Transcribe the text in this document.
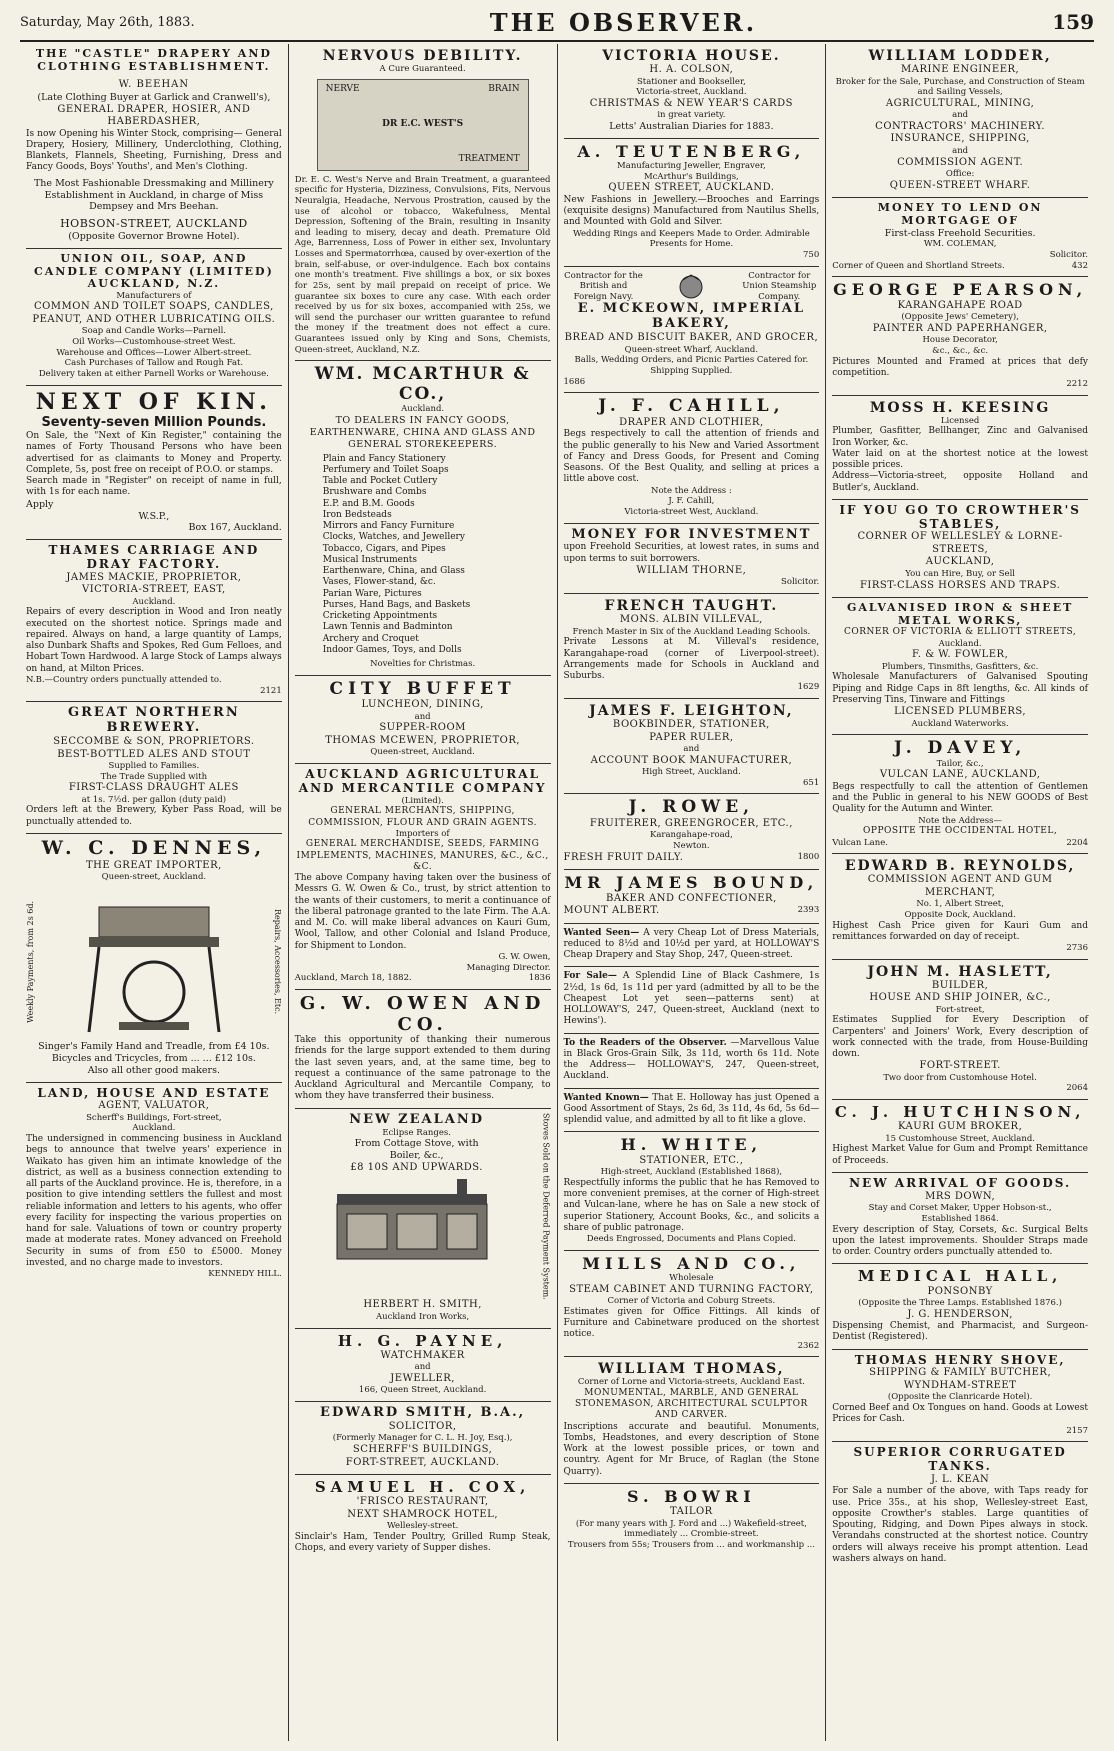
Saturday, May 26th, 1883.	THE OBSERVER.	159
THE "CASTLE" DRAPERY AND CLOTHING ESTABLISHMENT.
W. BEEHAN
(Late Clothing Buyer at Garlick and Cranwell's),
GENERAL DRAPER, HOSIER, AND HABERDASHER,
Is now Opening his Winter Stock, comprising— General Drapery, Hosiery, Millinery, Underclothing, Clothing, Blankets, Flannels, Sheeting, Furnishing, Dress and Fancy Goods, Boys' Youths', and Men's Clothing.
The Most Fashionable Dressmaking and Millinery Establishment in Auckland, in charge of Miss Dempsey and Mrs Beehan.
HOBSON-STREET, AUCKLAND
(Opposite Governor Browne Hotel).
UNION OIL, SOAP, AND CANDLE COMPANY (LIMITED) AUCKLAND, N.Z.
Manufacturers of
COMMON AND TOILET SOAPS, CANDLES, PEANUT, AND OTHER LUBRICATING OILS.
Soap and Candle Works—Parnell.
Oil Works—Customhouse-street West.
Warehouse and Offices—Lower Albert-street.
Cash Purchases of Tallow and Rough Fat.
Delivery taken at either Parnell Works or Warehouse.
NEXT OF KIN.
Seventy-seven Million Pounds.
On Sale, the "Next of Kin Register," containing the names of Forty Thousand Persons who have been advertised for as claimants to Money and Property. Complete, 5s, post free on receipt of P.O.O. or stamps.
Search made in "Register" on receipt of name in full, with 1s for each name.
Apply
W.S.P.,
Box 167, Auckland.
THAMES CARRIAGE AND DRAY FACTORY.
JAMES MACKIE, PROPRIETOR,
VICTORIA-STREET, EAST,
Auckland.
Repairs of every description in Wood and Iron neatly executed on the shortest notice. Springs made and repaired. Always on hand, a large quantity of Lamps, also Dunbark Shafts and Spokes, Red Gum Felloes, and Hobart Town Hardwood. A large Stock of Lamps always on hand, at Milton Prices.
N.B.—Country orders punctually attended to.
2121
GREAT NORTHERN BREWERY.
SECCOMBE & SON, PROPRIETORS.
BEST-BOTTLED ALES AND STOUT
Supplied to Families.
The Trade Supplied with
FIRST-CLASS DRAUGHT ALES
at 1s. 7½d. per gallon (duty paid)
Orders left at the Brewery, Kyber Pass Road, will be punctually attended to.
W. C. DENNES,
THE GREAT IMPORTER,
Queen-street, Auckland.
Weekly Payments, from 2s 6d.	Repairs, Accessories, Etc.
Singer's Family Hand and Treadle, from £4 10s.
Bicycles and Tricycles, from ... ... £12 10s.
Also all other good makers.
LAND, HOUSE AND ESTATE
AGENT, VALUATOR,
Scherff's Buildings, Fort-street,
Auckland.
The undersigned in commencing business in Auckland begs to announce that twelve years' experience in Waikato has given him an intimate knowledge of the district, as well as a business connection extending to all parts of the Auckland province. He is, therefore, in a position to give intending settlers the fullest and most reliable information and letters to his agents, who offer every facility for inspecting the various properties on hand for sale. Valuations of town or country property made at moderate rates. Money advanced on Freehold Security in sums of from £50 to £5000. Money invested, and no charge made to investors.
KENNEDY HILL.
NERVOUS DEBILITY.
A Cure Guaranteed.
NERVE	BRAIN
DR E.C. WEST'S
TREATMENT
Dr. E. C. West's Nerve and Brain Treatment, a guaranteed specific for Hysteria, Dizziness, Convulsions, Fits, Nervous Neuralgia, Headache, Nervous Prostration, caused by the use of alcohol or tobacco, Wakefulness, Mental Depression, Softening of the Brain, resulting in Insanity and leading to misery, decay and death. Premature Old Age, Barrenness, Loss of Power in either sex, Involuntary Losses and Spermatorrhœa, caused by over-exertion of the brain, self-abuse, or over-indulgence. Each box contains one month's treatment. Five shillings a box, or six boxes for 25s, sent by mail prepaid on receipt of price. We guarantee six boxes to cure any case. With each order received by us for six boxes, accompanied with 25s, we will send the purchaser our written guarantee to refund the money if the treatment does not effect a cure. Guarantees issued only by King and Sons, Chemists, Queen-street, Auckland, N.Z.
WM. MCARTHUR & CO.,
Auckland.
TO DEALERS IN FANCY GOODS, EARTHENWARE, CHINA AND GLASS AND GENERAL STOREKEEPERS.
Plain and Fancy Stationery
Perfumery and Toilet Soaps
Table and Pocket Cutlery
Brushware and Combs
E.P. and B.M. Goods
Iron Bedsteads
Mirrors and Fancy Furniture
Clocks, Watches, and Jewellery
Tobacco, Cigars, and Pipes
Musical Instruments
Earthenware, China, and Glass
Vases, Flower-stand, &c.
Parian Ware, Pictures
Purses, Hand Bags, and Baskets
Cricketing Appointments
Lawn Tennis and Badminton
Archery and Croquet
Indoor Games, Toys, and Dolls
Novelties for Christmas.
CITY BUFFET
LUNCHEON, DINING,
and
SUPPER-ROOM
THOMAS MCEWEN, PROPRIETOR,
Queen-street, Auckland.
AUCKLAND AGRICULTURAL AND MERCANTILE COMPANY
(Limited).
GENERAL MERCHANTS, SHIPPING, COMMISSION, FLOUR AND GRAIN AGENTS.
Importers of
GENERAL MERCHANDISE, SEEDS, FARMING IMPLEMENTS, MACHINES, MANURES, &C., &C., &C.
The above Company having taken over the business of Messrs G. W. Owen & Co., trust, by strict attention to the wants of their customers, to merit a continuance of the liberal patronage granted to the late Firm. The A.A. and M. Co. will make liberal advances on Kauri Gum, Wool, Tallow, and other Colonial and Island Produce, for Shipment to London.
G. W. Owen,
Managing Director.
Auckland, March 18, 1882.	1836
G. W. OWEN AND CO.
Take this opportunity of thanking their numerous friends for the large support extended to them during the last seven years, and, at the same time, beg to request a continuance of the same patronage to the Auckland Agricultural and Mercantile Company, to whom they have transferred their business.
NEW ZEALAND
Eclipse Ranges.
From Cottage Stove, with
Boiler, &c.,
£8 10S AND UPWARDS.	Stoves Sold on the Deferred Payment System.
HERBERT H. SMITH,
Auckland Iron Works,
H. G. PAYNE,
WATCHMAKER
and
JEWELLER,
166, Queen Street, Auckland.
EDWARD SMITH, B.A.,
SOLICITOR,
(Formerly Manager for C. L. H. Joy, Esq.),
SCHERFF'S BUILDINGS,
FORT-STREET, AUCKLAND.
SAMUEL H. COX,
'FRISCO RESTAURANT,
NEXT SHAMROCK HOTEL,
Wellesley-street.
Sinclair's Ham, Tender Poultry, Grilled Rump Steak, Chops, and every variety of Supper dishes.
VICTORIA HOUSE.
H. A. COLSON,
Stationer and Bookseller,
Victoria-street, Auckland.
CHRISTMAS & NEW YEAR'S CARDS
in great variety.
Letts' Australian Diaries for 1883.
A. TEUTENBERG,
Manufacturing Jeweller, Engraver,
McArthur's Buildings,
QUEEN STREET, AUCKLAND.
New Fashions in Jewellery.—Brooches and Earrings (exquisite designs) Manufactured from Nautilus Shells, and Mounted with Gold and Silver.
Wedding Rings and Keepers Made to Order. Admirable Presents for Home.
750
Contractor for the British and Foreign Navy.
Contractor for Union Steamship Company.
E. MCKEOWN, IMPERIAL BAKERY,
BREAD AND BISCUIT BAKER, AND GROCER,
Queen-street Wharf, Auckland.
Balls, Wedding Orders, and Picnic Parties Catered for. Shipping Supplied.
1686
J. F. CAHILL,
DRAPER AND CLOTHIER,
Begs respectively to call the attention of friends and the public generally to his New and Varied Assortment of Fancy and Dress Goods, for Present and Coming Seasons. Of the Best Quality, and selling at prices a little above cost.
Note the Address :
J. F. Cahill,
Victoria-street West, Auckland.
MONEY FOR INVESTMENT
upon Freehold Securities, at lowest rates, in sums and upon terms to suit borrowers.
WILLIAM THORNE,
Solicitor.
FRENCH TAUGHT.
MONS. ALBIN VILLEVAL,
French Master in Six of the Auckland Leading Schools.
Private Lessons at M. Villeval's residence, Karangahape-road (corner of Liverpool-street). Arrangements made for Schools in Auckland and Suburbs.
1629
JAMES F. LEIGHTON,
BOOKBINDER, STATIONER,
PAPER RULER,
and
ACCOUNT BOOK MANUFACTURER,
High Street, Auckland.
651
J. ROWE,
FRUITERER, GREENGROCER, ETC.,
Karangahape-road,
Newton.
FRESH FRUIT DAILY.	1800
MR JAMES BOUND,
BAKER AND CONFECTIONER,
MOUNT ALBERT.	2393
Wanted Seen— A very Cheap Lot of Dress Materials, reduced to 8½d and 10½d per yard, at HOLLOWAY'S Cheap Drapery and Stay Shop, 247, Queen-street.
For Sale— A Splendid Line of Black Cashmere, 1s 2½d, 1s 6d, 1s 11d per yard (admitted by all to be the Cheapest Lot yet seen—patterns sent) at HOLLOWAY'S, 247, Queen-street, Auckland (next to Hewins').
To the Readers of the Observer. —Marvellous Value in Black Gros-Grain Silk, 3s 11d, worth 6s 11d. Note the Address— HOLLOWAY'S, 247, Queen-street, Auckland.
Wanted Known— That E. Holloway has just Opened a Good Assortment of Stays, 2s 6d, 3s 11d, 4s 6d, 5s 6d—splendid value, and admitted by all to fit like a glove.
H. WHITE,
STATIONER, ETC.,
High-street, Auckland (Established 1868),
Respectfully informs the public that he has Removed to more convenient premises, at the corner of High-street and Vulcan-lane, where he has on Sale a new stock of superior Stationery, Account Books, &c., and solicits a share of public patronage.
Deeds Engrossed, Documents and Plans Copied.
MILLS AND CO.,
Wholesale
STEAM CABINET AND TURNING FACTORY,
Corner of Victoria and Coburg Streets.
Estimates given for Office Fittings. All kinds of Furniture and Cabinetware produced on the shortest notice.
2362
WILLIAM THOMAS,
Corner of Lorne and Victoria-streets, Auckland East.
MONUMENTAL, MARBLE, AND GENERAL STONEMASON, ARCHITECTURAL SCULPTOR AND CARVER.
Inscriptions accurate and beautiful. Monuments, Tombs, Headstones, and every description of Stone Work at the lowest possible prices, or town and country. Agent for Mr Bruce, of Raglan (the Stone Quarry).
S. BOWRI
TAILOR
(For many years with J. Ford and ...) Wakefield-street, immediately ... Crombie-street.
Trousers from 55s; Trousers from ... and workmanship ...
WILLIAM LODDER,
MARINE ENGINEER,
Broker for the Sale, Purchase, and Construction of Steam and Sailing Vessels,
AGRICULTURAL, MINING,
and
CONTRACTORS' MACHINERY.
INSURANCE, SHIPPING,
and
COMMISSION AGENT.
Office:
QUEEN-STREET WHARF.
MONEY TO LEND ON MORTGAGE OF
First-class Freehold Securities.
WM. COLEMAN,
Solicitor.
Corner of Queen and Shortland Streets.	432
GEORGE PEARSON,
KARANGAHAPE ROAD
(Opposite Jews' Cemetery),
PAINTER AND PAPERHANGER,
House Decorator,
&c., &c., &c.
Pictures Mounted and Framed at prices that defy competition.
2212
MOSS H. KEESING
Licensed
Plumber, Gasfitter, Bellhanger, Zinc and Galvanised Iron Worker, &c.
Water laid on at the shortest notice at the lowest possible prices.
Address—Victoria-street, opposite Holland and Butler's, Auckland.
IF YOU GO TO CROWTHER'S STABLES,
CORNER OF WELLESLEY & LORNE-STREETS,
AUCKLAND,
You can Hire, Buy, or Sell
FIRST-CLASS HORSES AND TRAPS.
GALVANISED IRON & SHEET METAL WORKS,
CORNER OF VICTORIA & ELLIOTT STREETS,
Auckland.
F. & W. FOWLER,
Plumbers, Tinsmiths, Gasfitters, &c.
Wholesale Manufacturers of Galvanised Spouting Piping and Ridge Caps in 8ft lengths, &c. All kinds of Preserving Tins, Tinware and Fittings
LICENSED PLUMBERS,
Auckland Waterworks.
J. DAVEY,
Tailor, &c.,
VULCAN LANE, AUCKLAND,
Begs respectfully to call the attention of Gentlemen and the Public in general to his NEW GOODS of Best Quality for the Autumn and Winter.
Note the Address—
OPPOSITE THE OCCIDENTAL HOTEL,
Vulcan Lane.	2204
EDWARD B. REYNOLDS,
COMMISSION AGENT AND GUM MERCHANT,
No. 1, Albert Street,
Opposite Dock, Auckland.
Highest Cash Price given for Kauri Gum and remittances forwarded on day of receipt.
2736
JOHN M. HASLETT,
BUILDER,
HOUSE AND SHIP JOINER, &C.,
Fort-street,
Estimates Supplied for Every Description of Carpenters' and Joiners' Work, Every description of work connected with the trade, from House-Building down.
FORT-STREET.
Two door from Customhouse Hotel.
2064
C. J. HUTCHINSON,
KAURI GUM BROKER,
15 Customhouse Street, Auckland.
Highest Market Value for Gum and Prompt Remittance of Proceeds.
NEW ARRIVAL OF GOODS.
MRS DOWN,
Stay and Corset Maker, Upper Hobson-st.,
Established 1864.
Every description of Stay, Corsets, &c. Surgical Belts upon the latest improvements. Shoulder Straps made to order. Country orders punctually attended to.
MEDICAL HALL,
PONSONBY
(Opposite the Three Lamps. Established 1876.)
J. G. HENDERSON,
Dispensing Chemist, and Pharmacist, and Surgeon-Dentist (Registered).
THOMAS HENRY SHOVE,
SHIPPING & FAMILY BUTCHER,
WYNDHAM-STREET
(Opposite the Clanricarde Hotel).
Corned Beef and Ox Tongues on hand. Goods at Lowest Prices for Cash.
2157
SUPERIOR CORRUGATED TANKS.
J. L. KEAN
For Sale a number of the above, with Taps ready for use. Price 35s., at his shop, Wellesley-street East, opposite Crowther's stables. Large quantities of Spouting, Ridging, and Down Pipes always in stock. Verandahs constructed at the shortest notice. Country orders will always receive his prompt attention. Lead washers always on hand.
